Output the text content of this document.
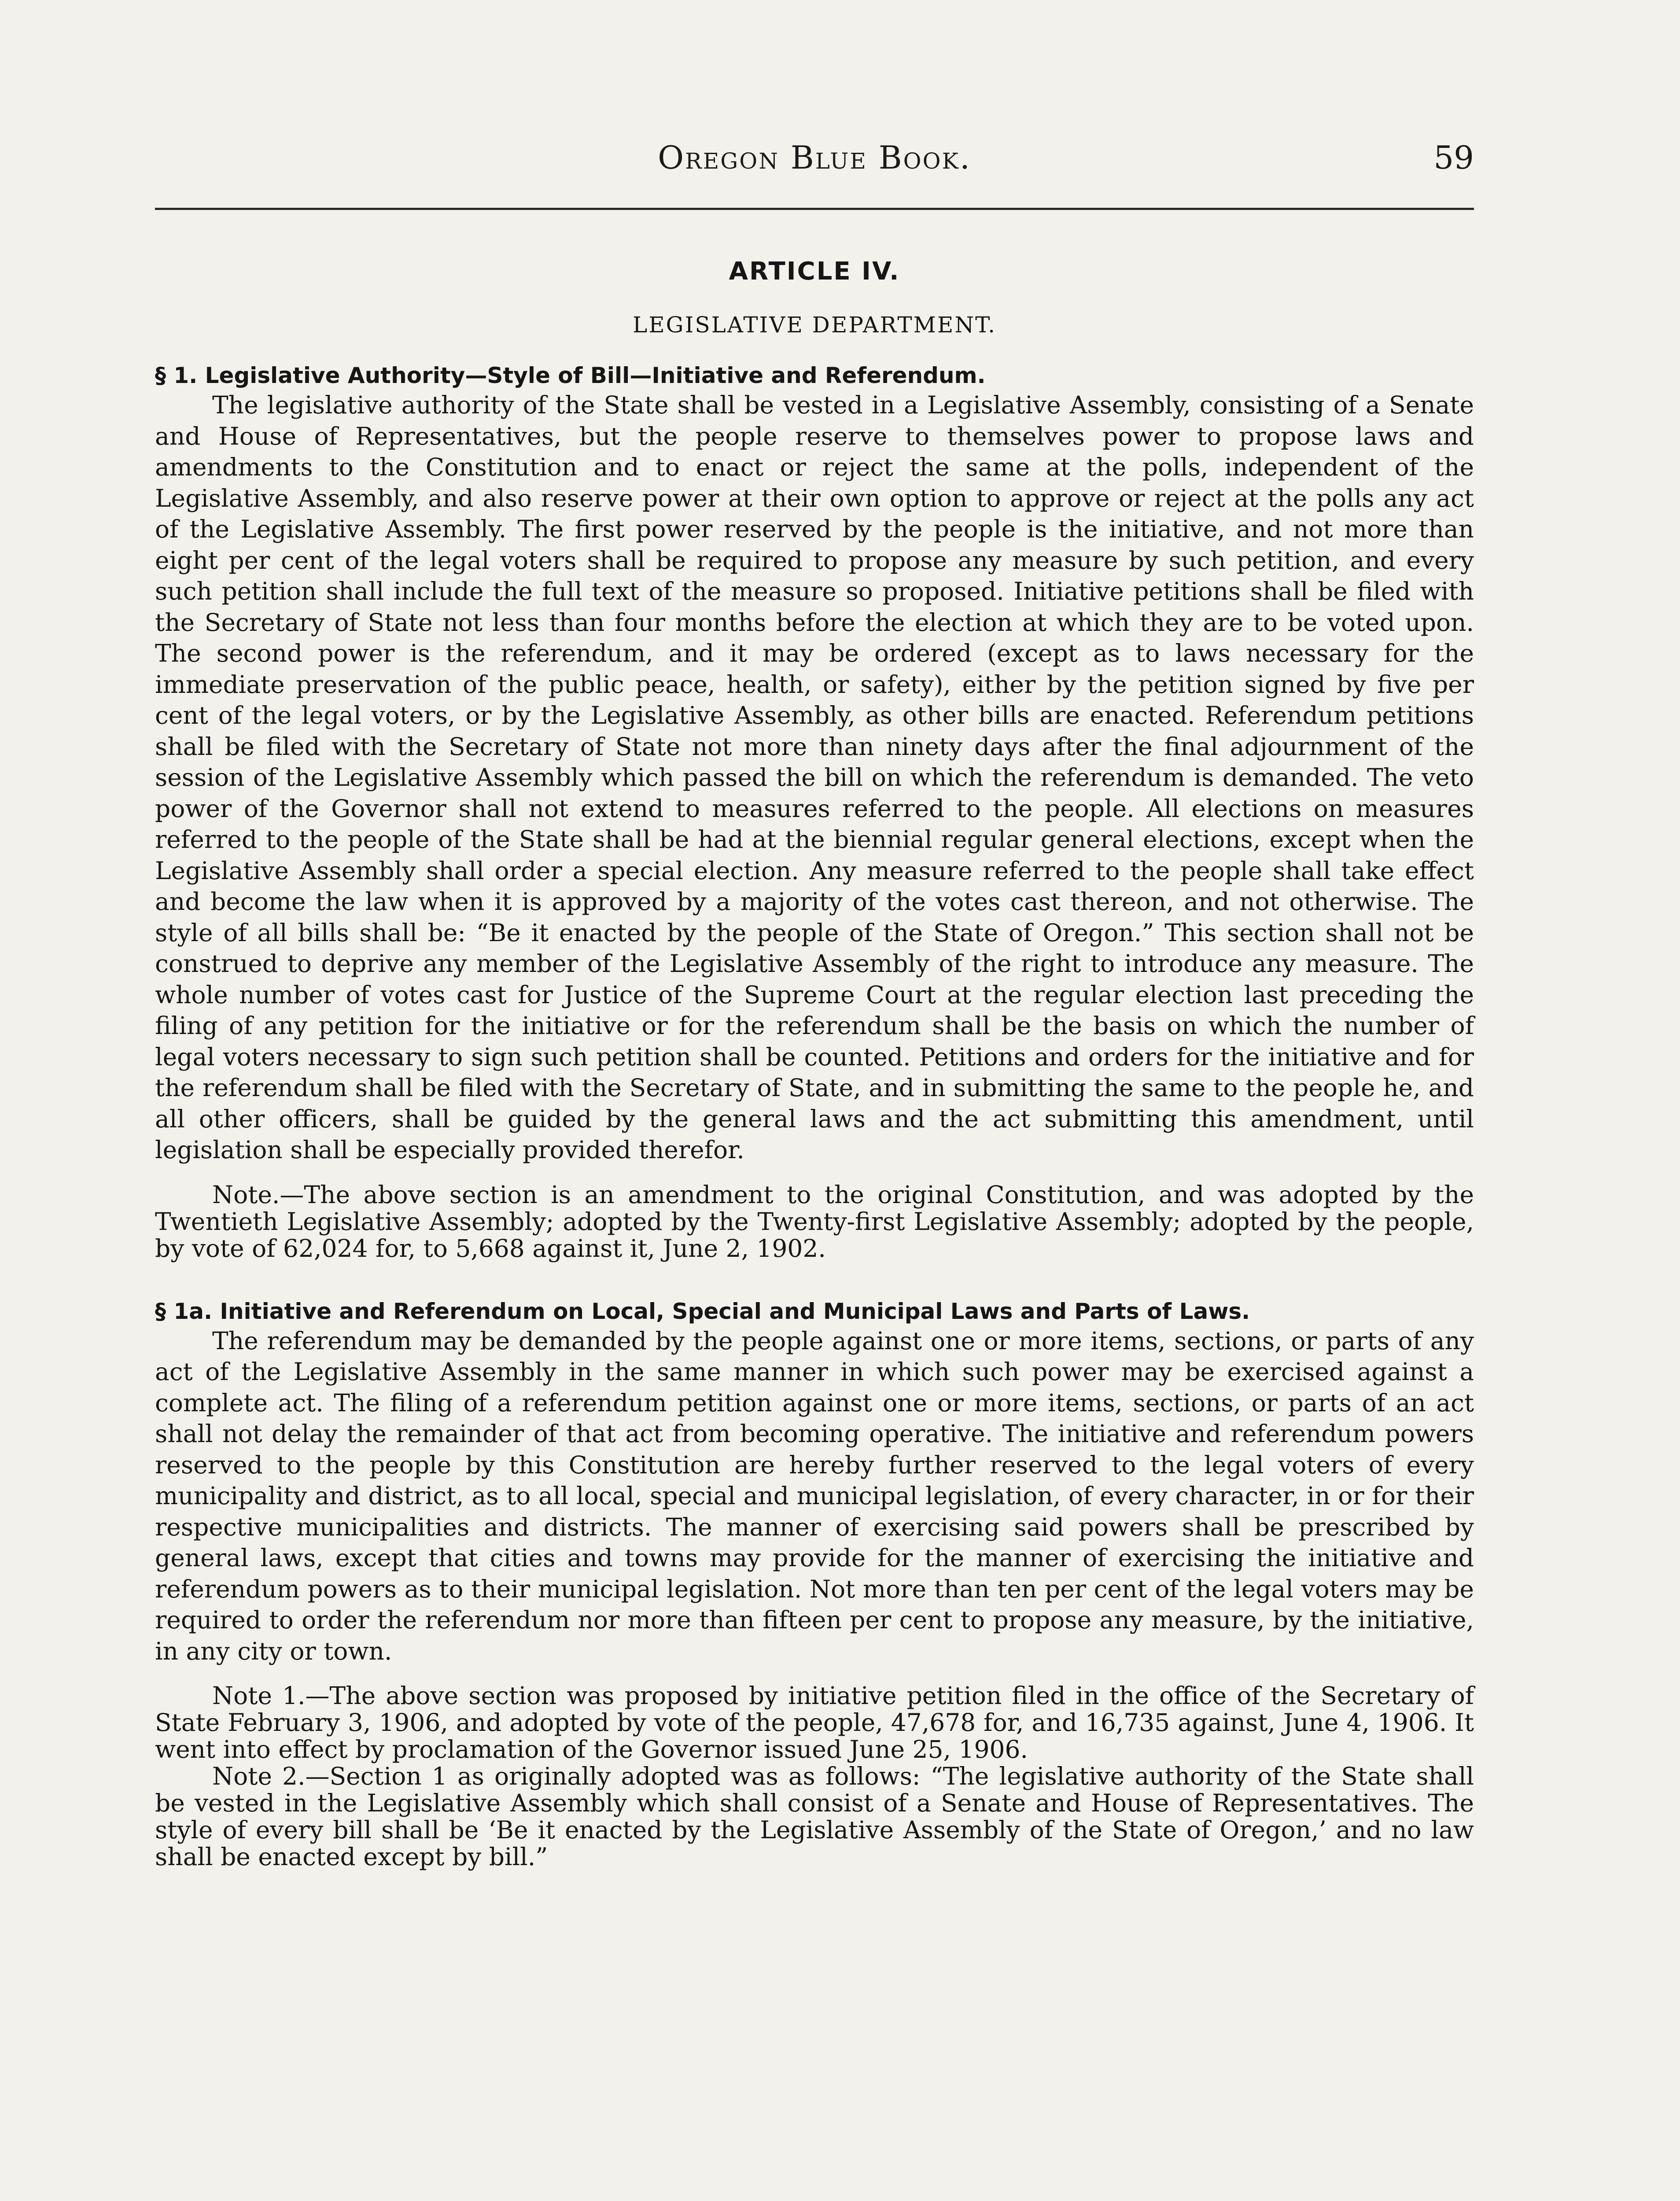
Oregon Blue Book.	59
ARTICLE IV.
LEGISLATIVE DEPARTMENT.
§ 1. Legislative Authority—Style of Bill—Initiative and Referendum.

The legislative authority of the State shall be vested in a Legislative Assembly, consisting of a Senate and House of Representatives, but the people reserve to themselves power to propose laws and amendments to the Constitution and to enact or reject the same at the polls, independent of the Legislative Assembly, and also reserve power at their own option to approve or reject at the polls any act of the Legislative Assembly. The first power reserved by the people is the initiative, and not more than eight per cent of the legal voters shall be required to propose any measure by such petition, and every such petition shall include the full text of the measure so proposed. Initiative petitions shall be filed with the Secretary of State not less than four months before the election at which they are to be voted upon. The second power is the referendum, and it may be ordered (except as to laws necessary for the immediate preservation of the public peace, health, or safety), either by the petition signed by five per cent of the legal voters, or by the Legislative Assembly, as other bills are enacted. Referendum petitions shall be filed with the Secretary of State not more than ninety days after the final adjournment of the session of the Legislative Assembly which passed the bill on which the referendum is demanded. The veto power of the Governor shall not extend to measures referred to the people. All elections on measures referred to the people of the State shall be had at the biennial regular general elections, except when the Legislative Assembly shall order a special election. Any measure referred to the people shall take effect and become the law when it is approved by a majority of the votes cast thereon, and not otherwise. The style of all bills shall be: “Be it enacted by the people of the State of Oregon.” This section shall not be construed to deprive any member of the Legislative Assembly of the right to introduce any measure. The whole number of votes cast for Justice of the Supreme Court at the regular election last preceding the filing of any petition for the initiative or for the referendum shall be the basis on which the number of legal voters necessary to sign such petition shall be counted. Petitions and orders for the initiative and for the referendum shall be filed with the Secretary of State, and in submitting the same to the people he, and all other officers, shall be guided by the general laws and the act submitting this amendment, until legislation shall be especially provided therefor.

Note.—The above section is an amendment to the original Constitution, and was adopted by the Twentieth Legislative Assembly; adopted by the Twenty-first Legislative Assembly; adopted by the people, by vote of 62,024 for, to 5,668 against it, June 2, 1902.

§ 1a. Initiative and Referendum on Local, Special and Municipal Laws and Parts of Laws.

The referendum may be demanded by the people against one or more items, sections, or parts of any act of the Legislative Assembly in the same manner in which such power may be exercised against a complete act. The filing of a referendum petition against one or more items, sections, or parts of an act shall not delay the remainder of that act from becoming operative. The initiative and referendum powers reserved to the people by this Constitution are hereby further reserved to the legal voters of every municipality and district, as to all local, special and municipal legislation, of every character, in or for their respective municipalities and districts. The manner of exercising said powers shall be prescribed by general laws, except that cities and towns may provide for the manner of exercising the initiative and referendum powers as to their municipal legislation. Not more than ten per cent of the legal voters may be required to order the referendum nor more than fifteen per cent to propose any measure, by the initiative, in any city or town.

Note 1.—The above section was proposed by initiative petition filed in the office of the Secretary of State February 3, 1906, and adopted by vote of the people, 47,678 for, and 16,735 against, June 4, 1906. It went into effect by proclamation of the Governor issued June 25, 1906.

Note 2.—Section 1 as originally adopted was as follows: “The legislative authority of the State shall be vested in the Legislative Assembly which shall consist of a Senate and House of Representatives. The style of every bill shall be ‘Be it enacted by the Legislative Assembly of the State of Oregon,’ and no law shall be enacted except by bill.”
